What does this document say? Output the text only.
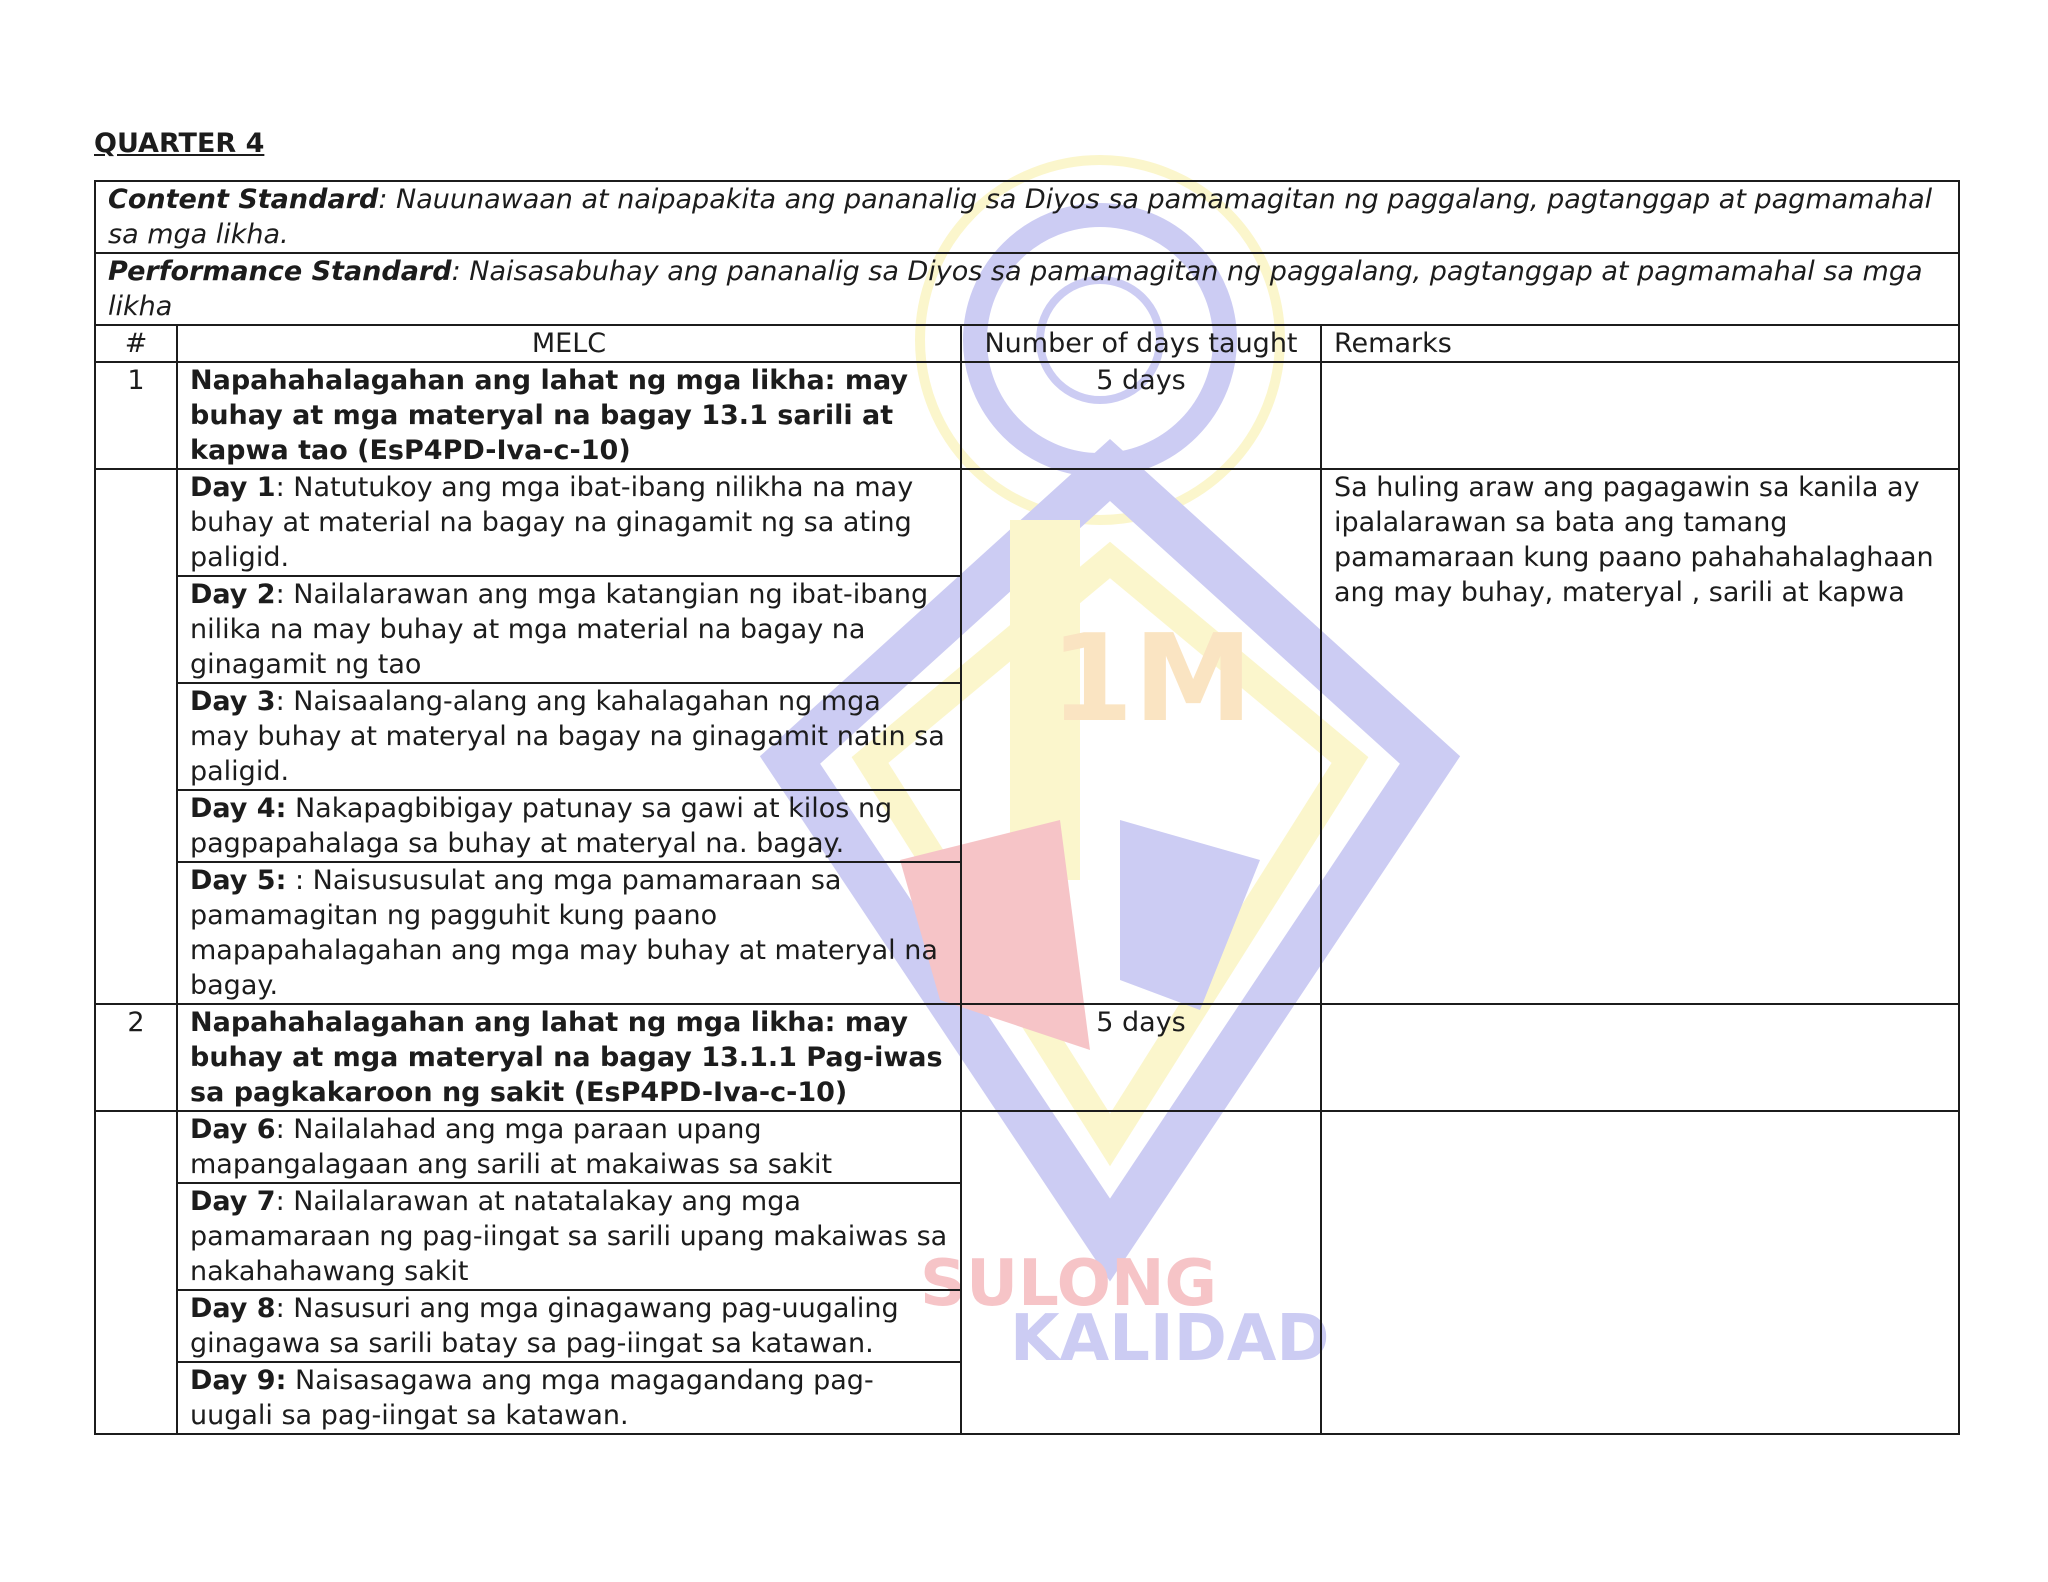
1M
SULONG
KALIDAD
QUARTER 4
Content Standard: Nauunawaan at naipapakita ang pananalig sa Diyos sa pamamagitan ng paggalang, pagtanggap at pagmamahal sa mga likha.			
Performance Standard: Naisasabuhay ang pananalig sa Diyos sa pamamagitan ng paggalang, pagtanggap at pagmamahal sa mga likha			
#	MELC	Number of days taught	Remarks
1	Napahahalagahan ang lahat ng mga likha: may buhay at mga materyal na bagay 13.1 sarili at kapwa tao (EsP4PD-Iva-c-10)	5 days	
	Day 1: Natutukoy ang mga ibat-ibang nilikha na may buhay at material na bagay na ginagamit ng sa ating paligid.		Sa huling araw ang pagagawin sa kanila ay ipalalarawan sa bata ang tamang pamamaraan kung paano pahahahalaghaan ang may buhay, materyal , sarili at kapwa
	Day 2: Nailalarawan ang mga katangian ng ibat-ibang nilika na may buhay at mga material na bagay na ginagamit ng tao		
	Day 3: Naisaalang-alang ang kahalagahan ng mga may buhay at materyal na bagay na ginagamit natin sa paligid.		
	Day 4: Nakapagbibigay patunay sa gawi at kilos ng pagpapahalaga sa buhay at materyal na. bagay.		
	Day 5: : Naisususulat ang mga pamamaraan sa pamamagitan ng pagguhit kung paano mapapahalagahan ang mga may buhay at materyal na bagay.		
2	Napahahalagahan ang lahat ng mga likha: may buhay at mga materyal na bagay 13.1.1 Pag-iwas sa pagkakaroon ng sakit (EsP4PD-Iva-c-10)	5 days	
	Day 6: Nailalahad ang mga paraan upang mapangalagaan ang sarili at makaiwas sa sakit		
	Day 7: Nailalarawan at natatalakay ang mga pamamaraan ng pag-iingat sa sarili upang makaiwas sa nakahahawang sakit		
	Day 8: Nasusuri ang mga ginagawang pag-uugaling ginagawa sa sarili batay sa pag-iingat sa katawan.		
	Day 9: Naisasagawa ang mga magagandang pag-uugali sa pag-iingat sa katawan.		
